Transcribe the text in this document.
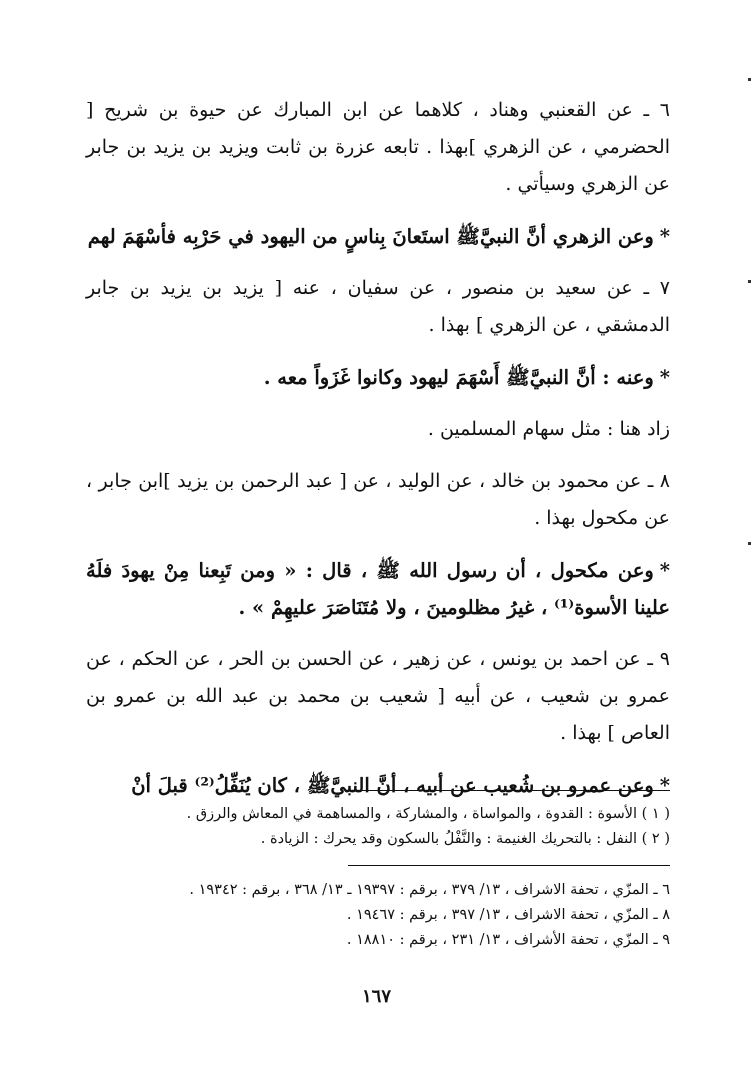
٦ ـ عن القعنبي وهناد ، كلاهما عن ابن المبارك عن حيوة بن شريح [ الحضرمي ، عن الزهري ]بهذا . تابعه عزرة بن ثابت ويزيد بن يزيد بن جابر عن الزهري وسيأتي .

*وعن الزهري أنَّ النبيَّﷺ استَعانَ بِناسٍ من اليهود في حَرْبِه فأسْهَمَ لهم

٧ ـ عن سعيد بن منصور ، عن سفيان ، عنه [ يزيد بن يزيد بن جابر الدمشقي ، عن الزهري ] بهذا .

*وعنه : أنَّ النبيَّﷺ أَسْهَمَ ليهود وكانوا غَزَواً معه .

زاد هنا : مثل سهام المسلمين .

٨ ـ عن محمود بن خالد ، عن الوليد ، عن [ عبد الرحمن بن يزيد ]ابن جابر ، عن مكحول بهذا .

*وعن مكحول ، أن رسول الله ﷺ ، قال : « ومن تَبِعنا مِنْ يهودَ فلَهُ علينا الأسوة⁽¹⁾ ، غيرُ مظلومينَ ، ولا مُتَنَاصَرَ عليهِمْ » .

٩ ـ عن احمد بن يونس ، عن زهير ، عن الحسن بن الحر ، عن الحكم ، عن عمرو بن شعيب ، عن أبيه [ شعيب بن محمد بن عبد الله بن عمرو بن العاص ] بهذا .

*وعن عمرو بن شُعيب عن أبيه ، أنَّ النبيَّﷺ ، كان يُنَفِّلُ⁽²⁾ قبلَ أنْ

( ١ ) الأسوة : القدوة ، والمواساة ، والمشاركة ، والمساهمة في المعاش والرزق .

( ٢ ) النفل : بالتحريك الغنيمة : والنَّفْلُ بالسكون وقد يحرك : الزيادة .

٦ ـ المزّي ، تحفة الاشراف ، ١٣/ ٣٧٩ ، برقم : ١٩٣٩٧ ـ ١٣/ ٣٦٨ ، برقم : ١٩٣٤٢ .

٨ ـ المزّي ، تحفة الاشراف ، ١٣/ ٣٩٧ ، برقم : ١٩٤٦٧ .

٩ ـ المزّي ، تحفة الأشراف ، ١٣/ ٢٣١ ، برقم : ١٨٨١٠ .

١٦٧
